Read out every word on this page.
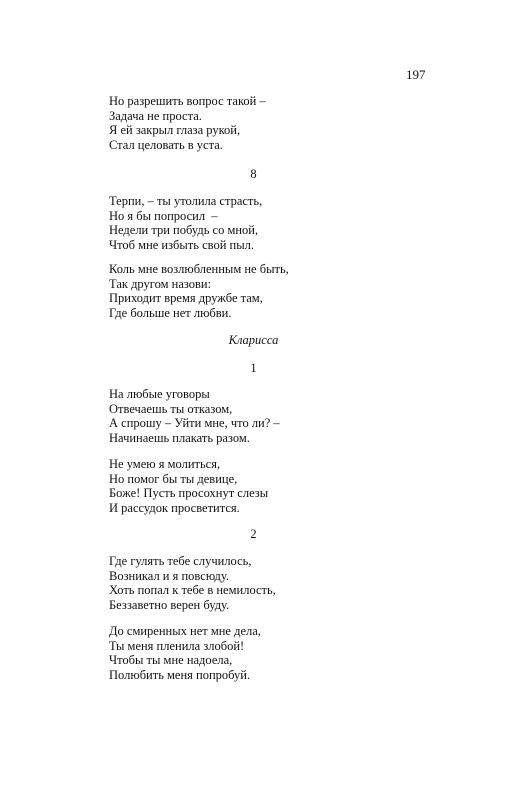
197
Но разрешить вопрос такой –
Задача не проста.
Я ей закрыл глаза рукой,
Стал целовать в уста.
8
Терпи, – ты утолила страсть,
Но я бы попросил  –
Недели три побудь со мной,
Чтоб мне избыть свой пыл.
Коль мне возлюбленным не быть,
Так другом назови:
Приходит время дружбе там,
Где больше нет любви.
Кларисса
1
На любые уговоры
Отвечаешь ты отказом,
А спрошу – Уйти мне, что ли? –
Начинаешь плакать разом.
Не умею я молиться,
Но помог бы ты девице,
Боже! Пусть просохнут слезы
И рассудок просветится.
2
Где гулять тебе случилось,
Возникал и я повсюду.
Хоть попал к тебе в немилость,
Беззаветно верен буду.
До смиренных нет мне дела,
Ты меня пленила злобой!
Чтобы ты мне надоела,
Полюбить меня попробуй.
